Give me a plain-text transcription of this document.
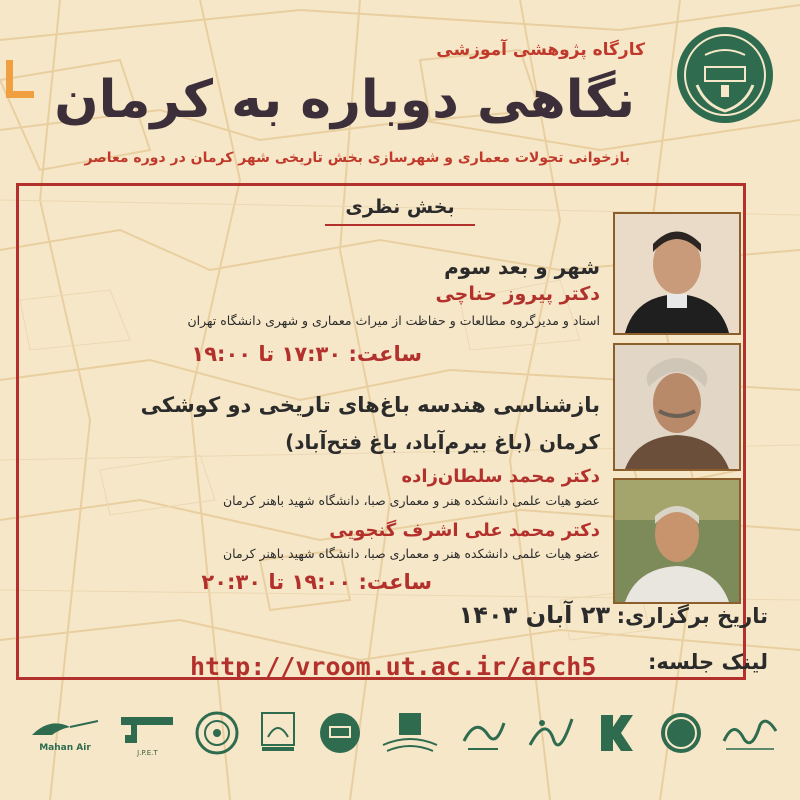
کارگاه پژوهشی آموزشی
نگاهی دوباره به کرمان
بازخوانی تحولات معماری و شهرسازی بخش تاریخی شهر کرمان در دوره معاصر
بخش نظری
شهر و بعد سوم
دکتر پیروز حناچی
استاد و مدیرگروه مطالعات و حفاظت از میراث معماری و شهری دانشگاه تهران
ساعت: ۱۷:۳۰ تا ۱۹:۰۰
بازشناسی هندسه باغ‌های تاریخی دو کوشکی
کرمان (باغ بیرم‌آباد، باغ فتح‌آباد)
دکتر محمد سلطان‌زاده
عضو هیات علمی دانشکده هنر و معماری صبا، دانشگاه شهید باهنر کرمان
دکتر محمد علی اشرف گنجویی
عضو هیات علمی دانشکده هنر و معماری صبا، دانشگاه شهید باهنر کرمان
ساعت: ۱۹:۰۰ تا ۲۰:۳۰
تاریخ برگزاری:
۲۳ آبان ۱۴۰۳
لینک جلسه:
http://vroom.ut.ac.ir/arch5
Mahan Air	J.P.E.T
